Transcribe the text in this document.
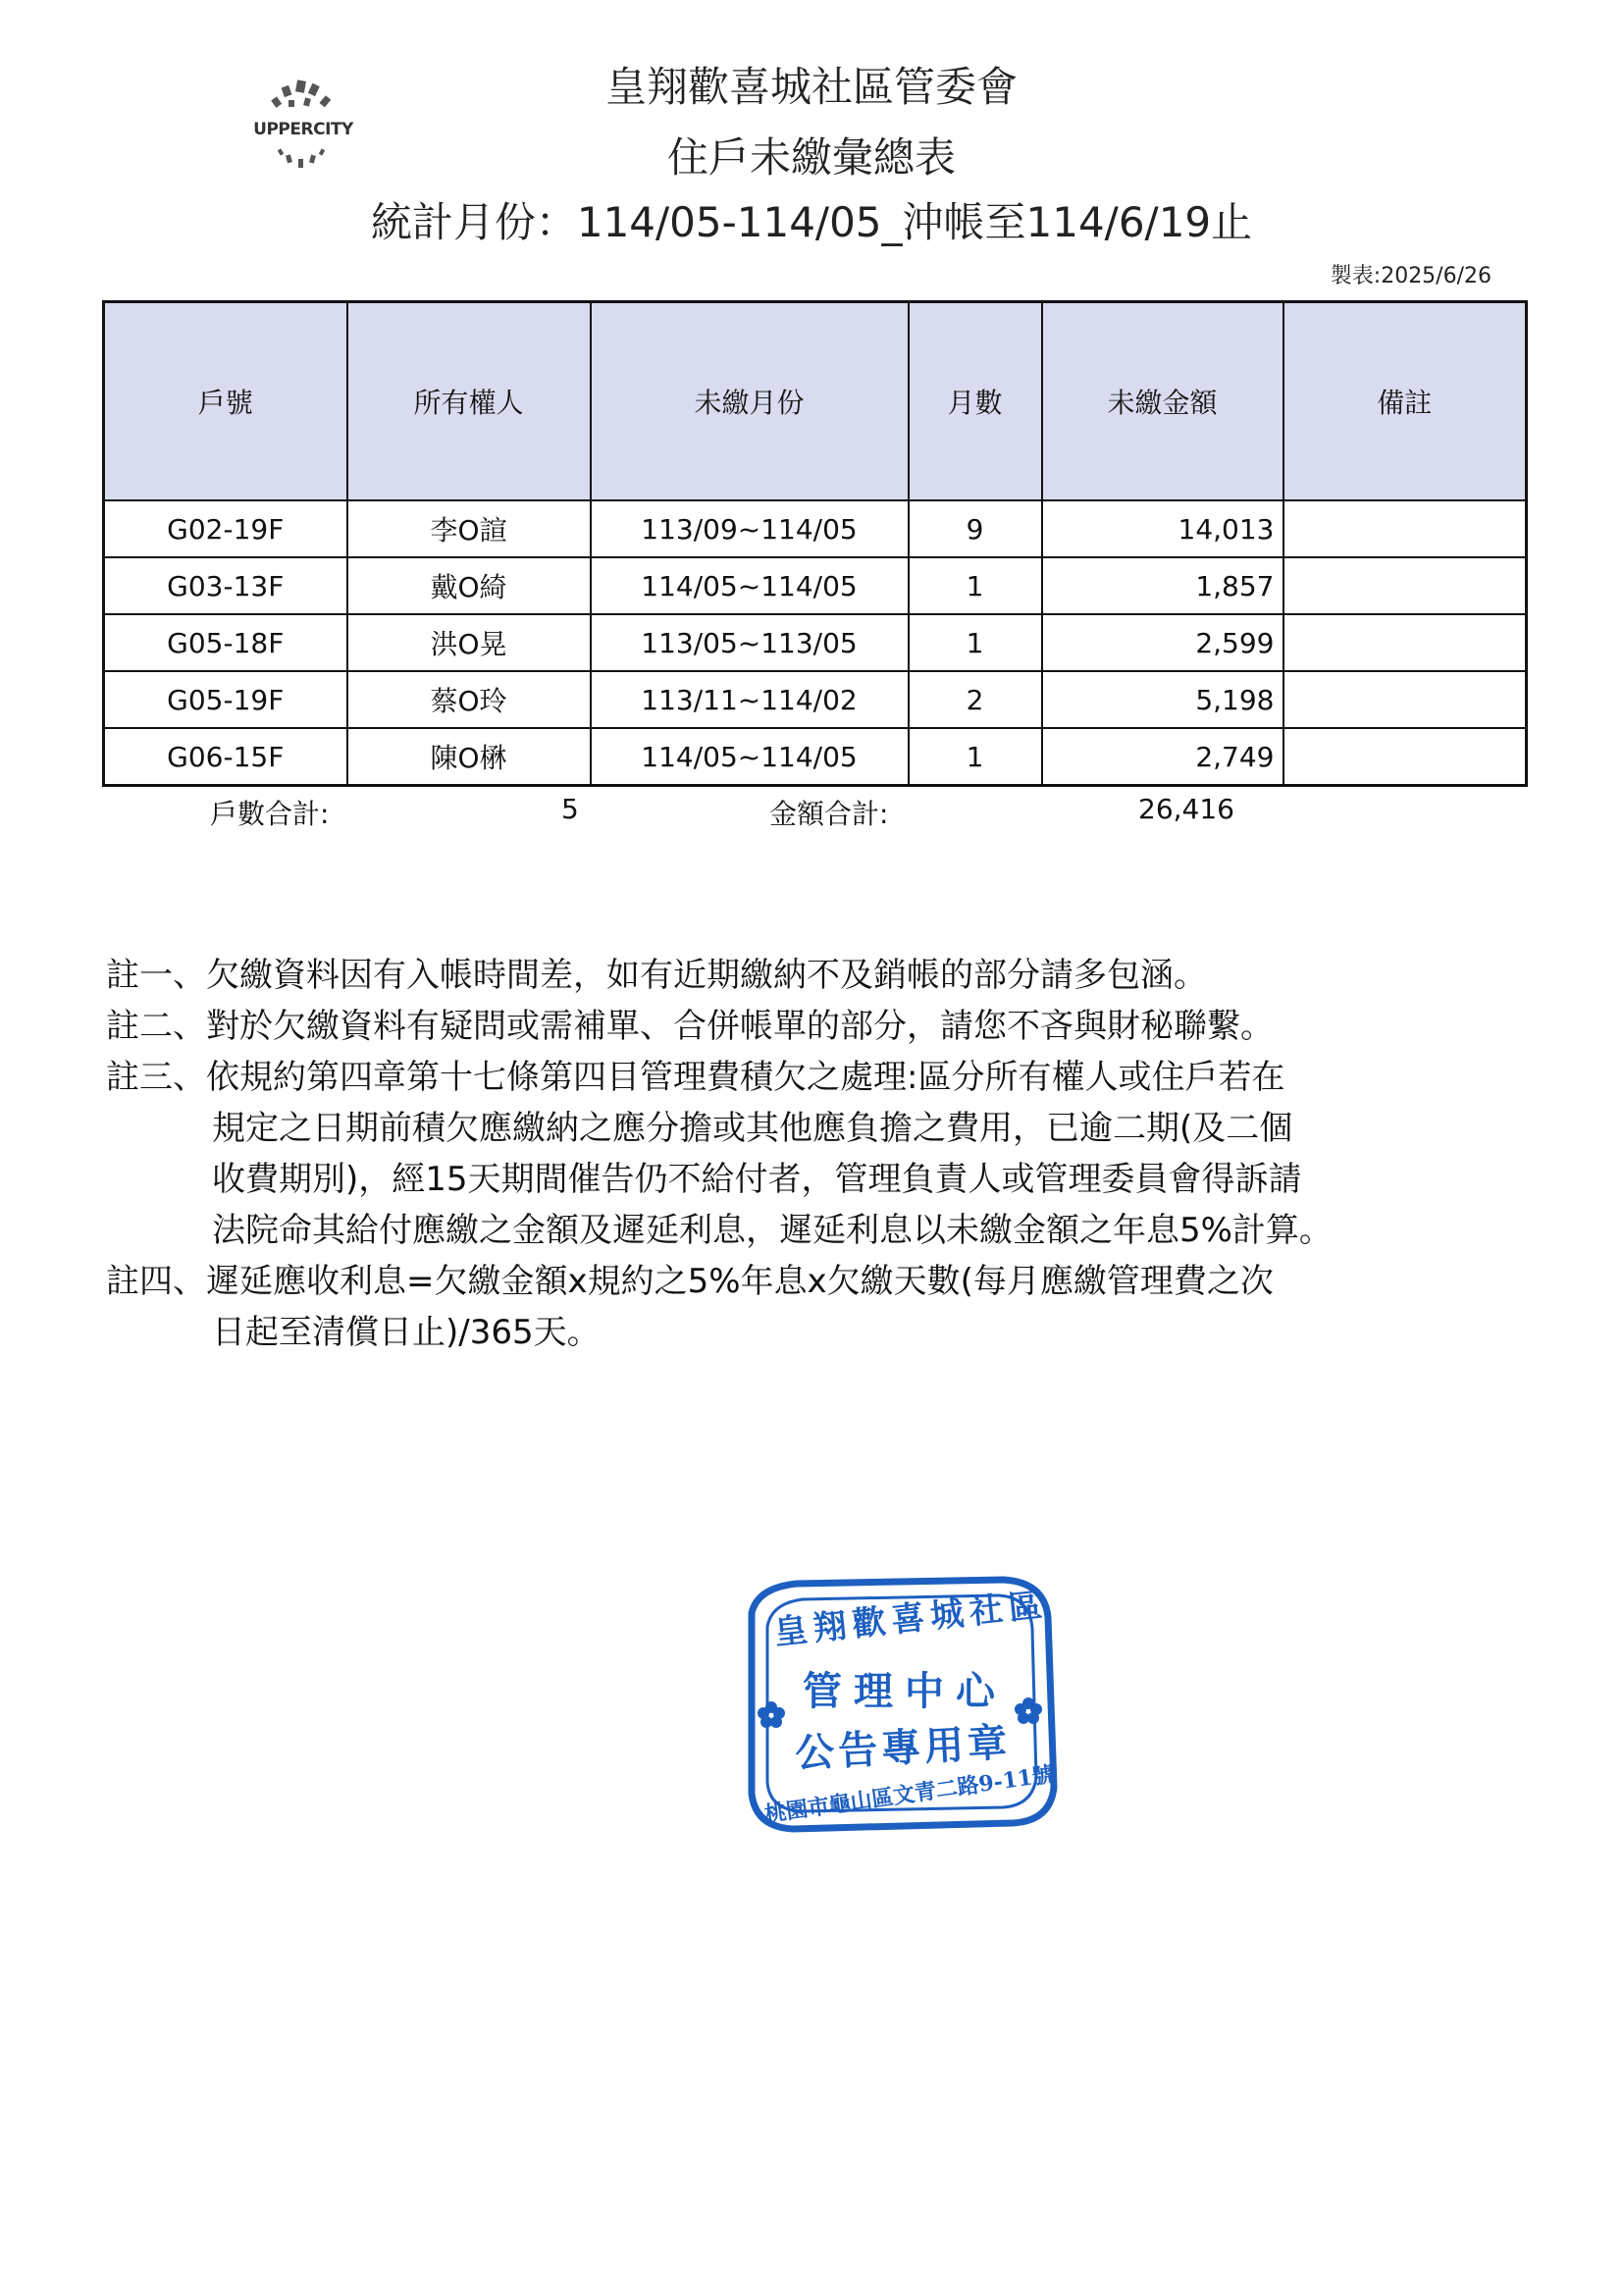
UPPERCITY
皇翔歡喜城社區管委會
住戶未繳彙總表
統計月份：114/05-114/05_沖帳至114/6/19止
製表:2025/6/26
戶號	所有權人	未繳月份	月數	未繳金額	備註
G02-19F	李O諠	113/09~114/05	9	14,013	
G03-13F	戴O綺	114/05~114/05	1	1,857	
G05-18F	洪O晃	113/05~113/05	1	2,599	
G05-19F	蔡O玲	113/11~114/02	2	5,198	
G06-15F	陳O楙	114/05~114/05	1	2,749	
戶數合計:	5	金額合計:	26,416
註一、欠繳資料因有入帳時間差，如有近期繳納不及銷帳的部分請多包涵。
註二、對於欠繳資料有疑問或需補單、合併帳單的部分，請您不吝與財秘聯繫。
註三、依規約第四章第十七條第四目管理費積欠之處理:區分所有權人或住戶若在
規定之日期前積欠應繳納之應分擔或其他應負擔之費用，已逾二期(及二個
收費期別)，經15天期間催告仍不給付者，管理負責人或管理委員會得訴請
法院命其給付應繳之金額及遲延利息，遲延利息以未繳金額之年息5%計算。
註四、遲延應收利息=欠繳金額x規約之5%年息x欠繳天數(每月應繳管理費之次
日起至清償日止)/365天。
皇翔歡喜城社區
管理中心
公告專用章
桃園市龜山區文青二路9-11號
